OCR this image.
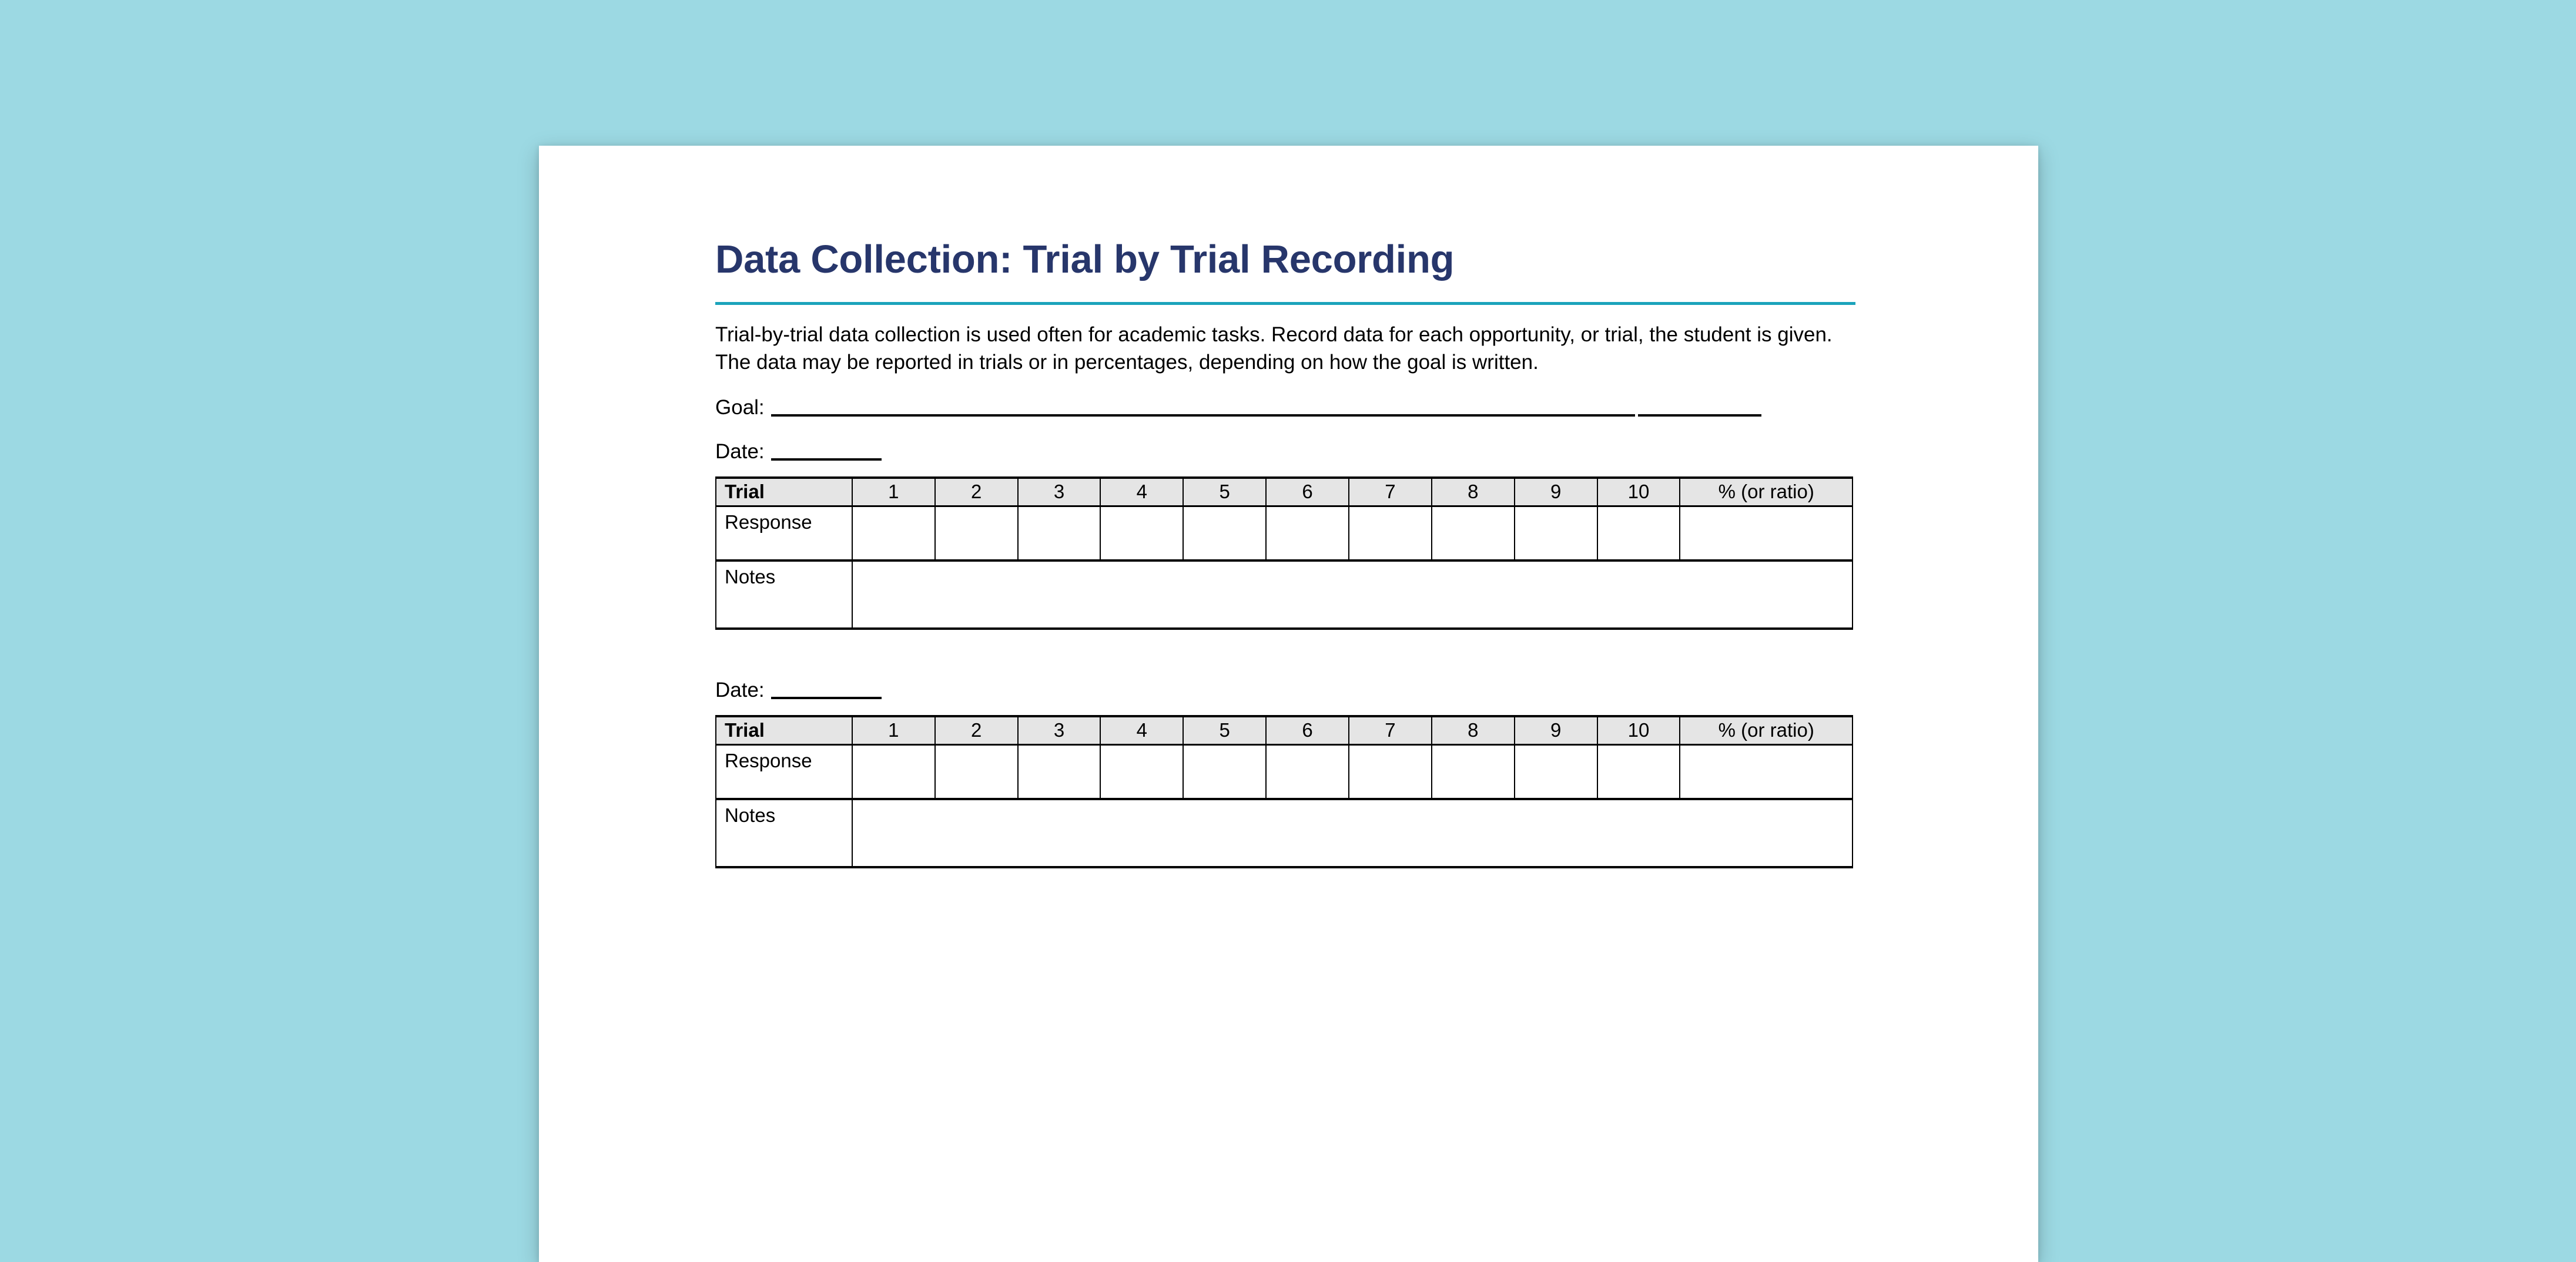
Data Collection: Trial by Trial Recording

Trial-by-trial data collection is used often for academic tasks. Record data for each opportunity, or trial, the student is given. The data may be reported in trials or in percentages, depending on how the goal is written.

Goal:
Date:
Trial	1	2	3	4	5	6	7	8	9	10	% (or ratio)
Response											
Notes											
Date:
Trial	1	2	3	4	5	6	7	8	9	10	% (or ratio)
Response											
Notes											
